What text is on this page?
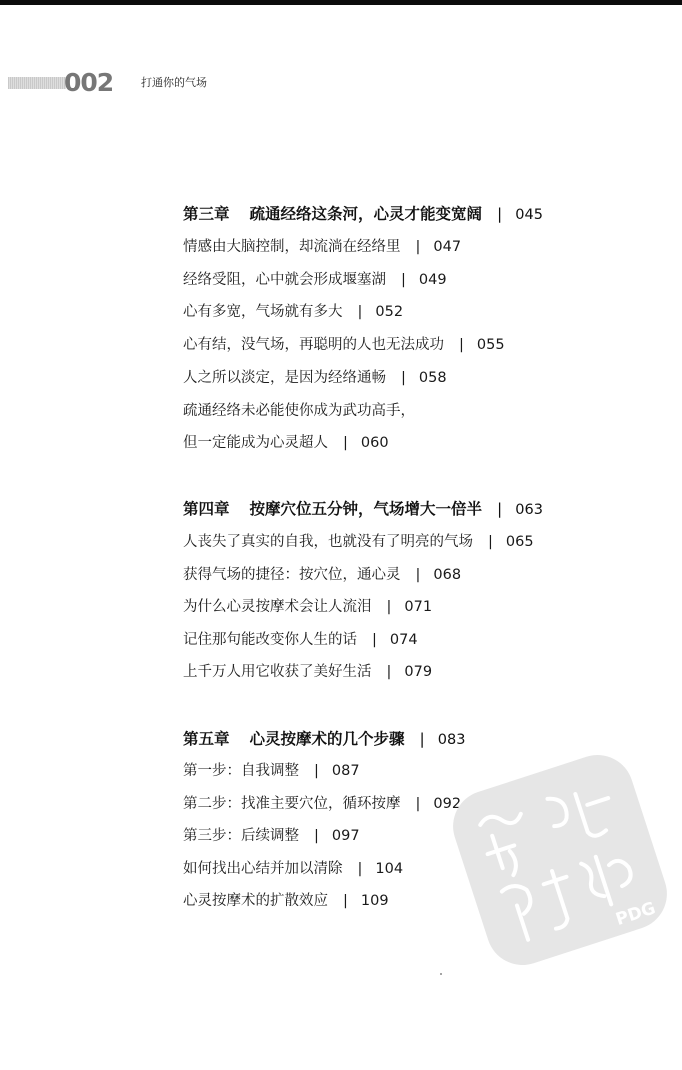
002	打通你的气场
第三章 疏通经络这条河，心灵才能变宽阔 | 045
情感由大脑控制，却流淌在经络里 | 047
经络受阻，心中就会形成堰塞湖 | 049
心有多宽，气场就有多大 | 052
心有结，没气场，再聪明的人也无法成功 | 055
人之所以淡定，是因为经络通畅 | 058
疏通经络未必能使你成为武功高手，
但一定能成为心灵超人 | 060
第四章 按摩穴位五分钟，气场增大一倍半 | 063
人丧失了真实的自我，也就没有了明亮的气场 | 065
获得气场的捷径：按穴位，通心灵 | 068
为什么心灵按摩术会让人流泪 | 071
记住那句能改变你人生的话 | 074
上千万人用它收获了美好生活 | 079
第五章 心灵按摩术的几个步骤 | 083
第一步：自我调整 | 087
第二步：找准主要穴位，循环按摩 | 092
第三步：后续调整 | 097
如何找出心结并加以清除 | 104
心灵按摩术的扩散效应 | 109	PDG
